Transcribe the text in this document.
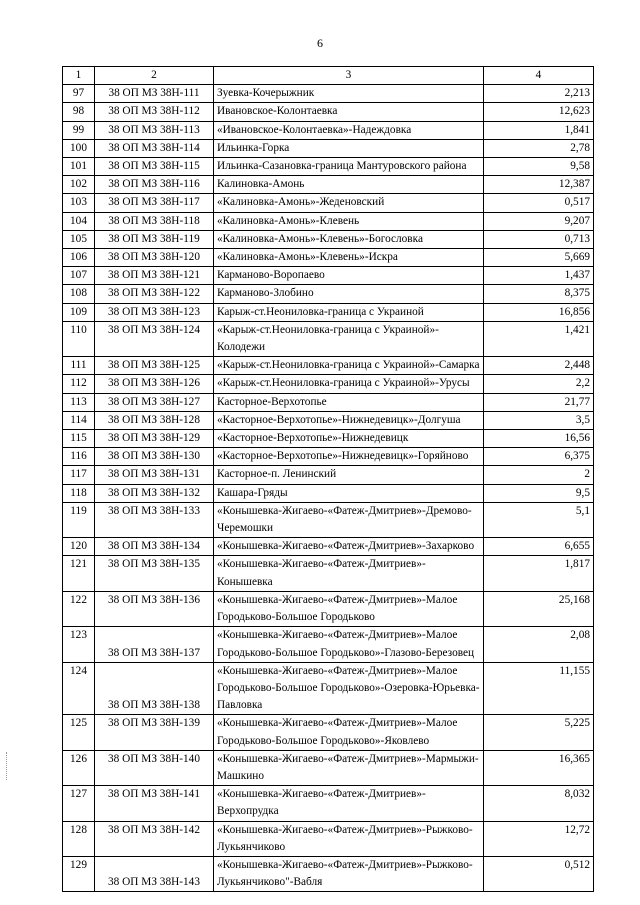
6
1	2	3	4
97	38 ОП МЗ 38Н-111	Зуевка-Кочерыжник	2,213
98	38 ОП МЗ 38Н-112	Ивановское-Колонтаевка	12,623
99	38 ОП МЗ 38Н-113	«Ивановское-Колонтаевка»-Надеждовка	1,841
100	38 ОП МЗ 38Н-114	Ильинка-Горка	2,78
101	38 ОП МЗ 38Н-115	Ильинка-Сазановка-граница Мантуровского района	9,58
102	38 ОП МЗ 38Н-116	Калиновка-Амонь	12,387
103	38 ОП МЗ 38Н-117	«Калиновка-Амонь»-Жеденовский	0,517
104	38 ОП МЗ 38Н-118	«Калиновка-Амонь»-Клевень	9,207
105	38 ОП МЗ 38Н-119	«Калиновка-Амонь»-Клевень»-Богословка	0,713
106	38 ОП МЗ 38Н-120	«Калиновка-Амонь»-Клевень»-Искра	5,669
107	38 ОП МЗ 38Н-121	Карманово-Воропаево	1,437
108	38 ОП МЗ 38Н-122	Карманово-Злобино	8,375
109	38 ОП МЗ 38Н-123	Карыж-ст.Неониловка-граница с Украиной	16,856
110	38 ОП МЗ 38Н-124	«Карыж-ст.Неониловка-граница с Украиной»-Колодежи	1,421
111	38 ОП МЗ 38Н-125	«Карыж-ст.Неониловка-граница с Украиной»-Самарка	2,448
112	38 ОП МЗ 38Н-126	«Карыж-ст.Неониловка-граница с Украиной»-Урусы	2,2
113	38 ОП МЗ 38Н-127	Касторное-Верхотопье	21,77
114	38 ОП МЗ 38Н-128	«Касторное-Верхотопье»-Нижнедевицк»-Долгуша	3,5
115	38 ОП МЗ 38Н-129	«Касторное-Верхотопье»-Нижнедевицк	16,56
116	38 ОП МЗ 38Н-130	«Касторное-Верхотопье»-Нижнедевицк»-Горяйново	6,375
117	38 ОП МЗ 38Н-131	Касторное-п. Ленинский	2
118	38 ОП МЗ 38Н-132	Кашара-Гряды	9,5
119	38 ОП МЗ 38Н-133	«Конышевка-Жигаево-«Фатеж-Дмитриев»-Дремово-Черемошки	5,1
120	38 ОП МЗ 38Н-134	«Конышевка-Жигаево-«Фатеж-Дмитриев»-Захарково	6,655
121	38 ОП МЗ 38Н-135	«Конышевка-Жигаево-«Фатеж-Дмитриев»-Конышевка	1,817
122	38 ОП МЗ 38Н-136	«Конышевка-Жигаево-«Фатеж-Дмитриев»-Малое Городьково-Большое Городьково	25,168
123	38 ОП МЗ 38Н-137	«Конышевка-Жигаево-«Фатеж-Дмитриев»-Малое Городьково-Большое Городьково»-Глазово-Березовец	2,08
124	38 ОП МЗ 38Н-138	«Конышевка-Жигаево-«Фатеж-Дмитриев»-Малое Городьково-Большое Городьково»-Озеровка-Юрьевка-Павловка	11,155
125	38 ОП МЗ 38Н-139	«Конышевка-Жигаево-«Фатеж-Дмитриев»-Малое Городьково-Большое Городьково»-Яковлево	5,225
126	38 ОП МЗ 38Н-140	«Конышевка-Жигаево-«Фатеж-Дмитриев»-Мармыжи-Машкино	16,365
127	38 ОП МЗ 38Н-141	«Конышевка-Жигаево-«Фатеж-Дмитриев»-Верхопрудка	8,032
128	38 ОП МЗ 38Н-142	«Конышевка-Жигаево-«Фатеж-Дмитриев»-Рыжково-Лукьянчиково	12,72
129	38 ОП МЗ 38Н-143	«Конышевка-Жигаево-«Фатеж-Дмитриев»-Рыжково-Лукьянчиково"-Вабля	0,512
